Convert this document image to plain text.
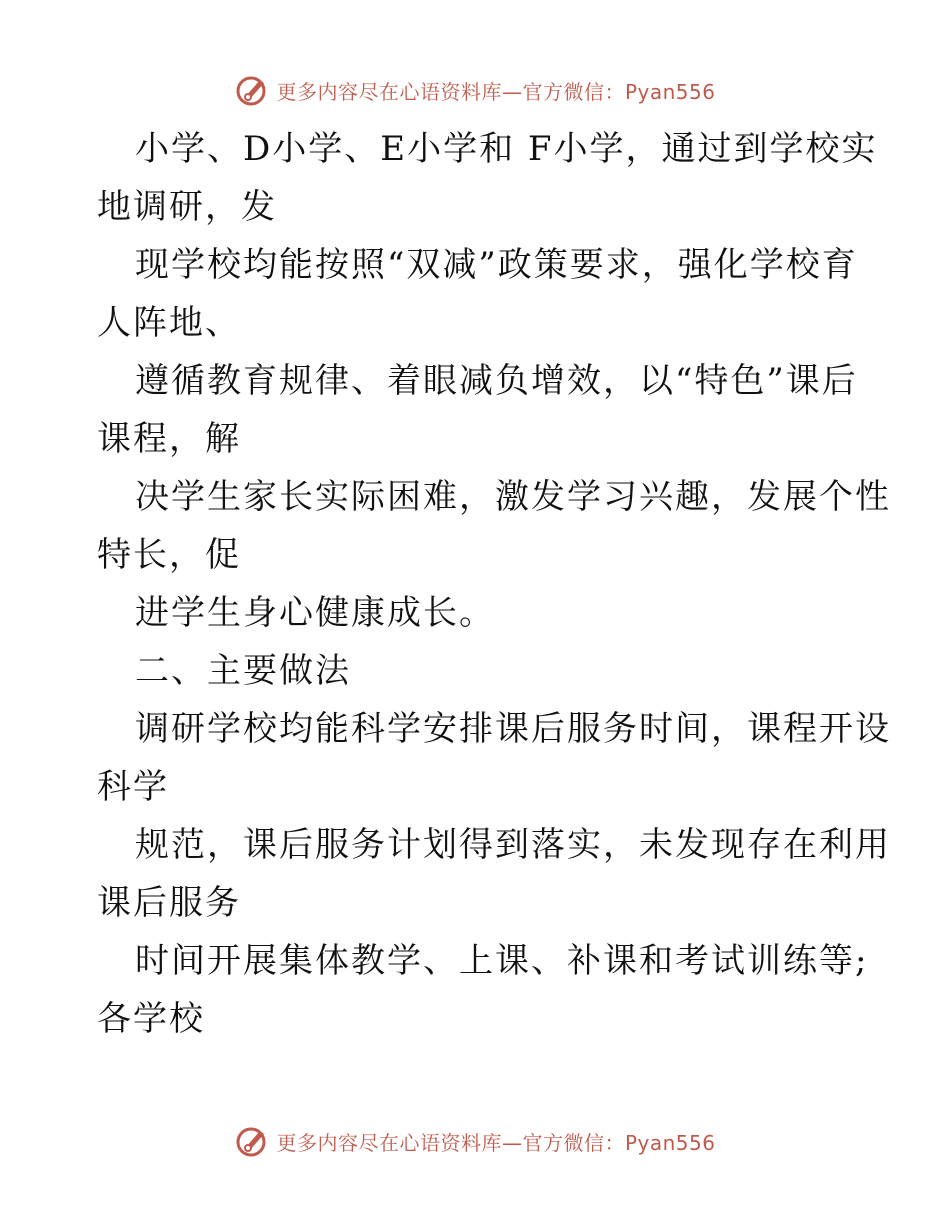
更多内容尽在心语资料库—官方微信：Pyan556
小学、D小学、E小学和 F小学，通过到学校实
地调研，发
现学校均能按照“双减”政策要求，强化学校育
人阵地、
遵循教育规律、着眼减负增效，以“特色”课后
课程，解
决学生家长实际困难，激发学习兴趣，发展个性
特长，促
进学生身心健康成长。
二、主要做法
调研学校均能科学安排课后服务时间，课程开设
科学
规范，课后服务计划得到落实，未发现存在利用
课后服务
时间开展集体教学、上课、补课和考试训练等;
各学校
更多内容尽在心语资料库—官方微信：Pyan556
